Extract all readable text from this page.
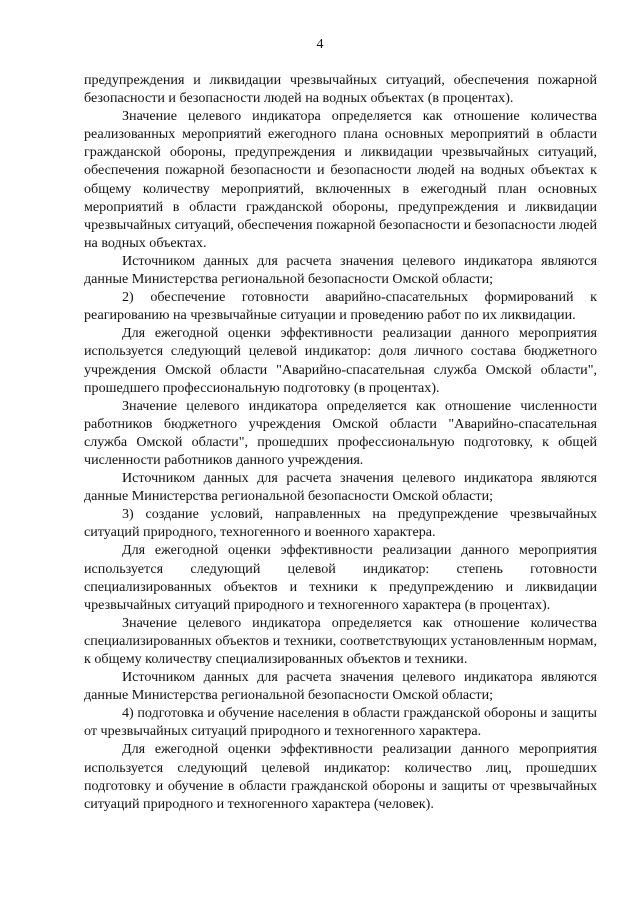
4

предупреждения и ликвидации чрезвычайных ситуаций, обеспечения пожарной безопасности и безопасности людей на водных объектах (в процентах).

Значение целевого индикатора определяется как отношение количества реализованных мероприятий ежегодного плана основных мероприятий в области гражданской обороны, предупреждения и ликвидации чрезвычайных ситуаций, обеспечения пожарной безопасности и безопасности людей на водных объектах к общему количеству мероприятий, включенных в ежегодный план основных мероприятий в области гражданской обороны, предупреждения и ликвидации чрезвычайных ситуаций, обеспечения пожарной безопасности и безопасности людей на водных объектах.

Источником данных для расчета значения целевого индикатора являются данные Министерства региональной безопасности Омской области;

2) обеспечение готовности аварийно-спасательных формирований к реагированию на чрезвычайные ситуации и проведению работ по их ликвидации.

Для ежегодной оценки эффективности реализации данного мероприятия используется следующий целевой индикатор: доля личного состава бюджетного учреждения Омской области "Аварийно-спасательная служба Омской области", прошедшего профессиональную подготовку (в процентах).

Значение целевого индикатора определяется как отношение численности работников бюджетного учреждения Омской области "Аварийно-спасательная служба Омской области", прошедших профессиональную подготовку, к общей численности работников данного учреждения.

Источником данных для расчета значения целевого индикатора являются данные Министерства региональной безопасности Омской области;

3) создание условий, направленных на предупреждение чрезвычайных ситуаций природного, техногенного и военного характера.

Для ежегодной оценки эффективности реализации данного мероприятия используется следующий целевой индикатор: степень готовности специализированных объектов и техники к предупреждению и ликвидации чрезвычайных ситуаций природного и техногенного характера (в процентах).

Значение целевого индикатора определяется как отношение количества специализированных объектов и техники, соответствующих установленным нормам, к общему количеству специализированных объектов и техники.

Источником данных для расчета значения целевого индикатора являются данные Министерства региональной безопасности Омской области;

4) подготовка и обучение населения в области гражданской обороны и защиты от чрезвычайных ситуаций природного и техногенного характера.

Для ежегодной оценки эффективности реализации данного мероприятия используется следующий целевой индикатор: количество лиц, прошедших подготовку и обучение в области гражданской обороны и защиты от чрезвычайных ситуаций природного и техногенного характера (человек).
